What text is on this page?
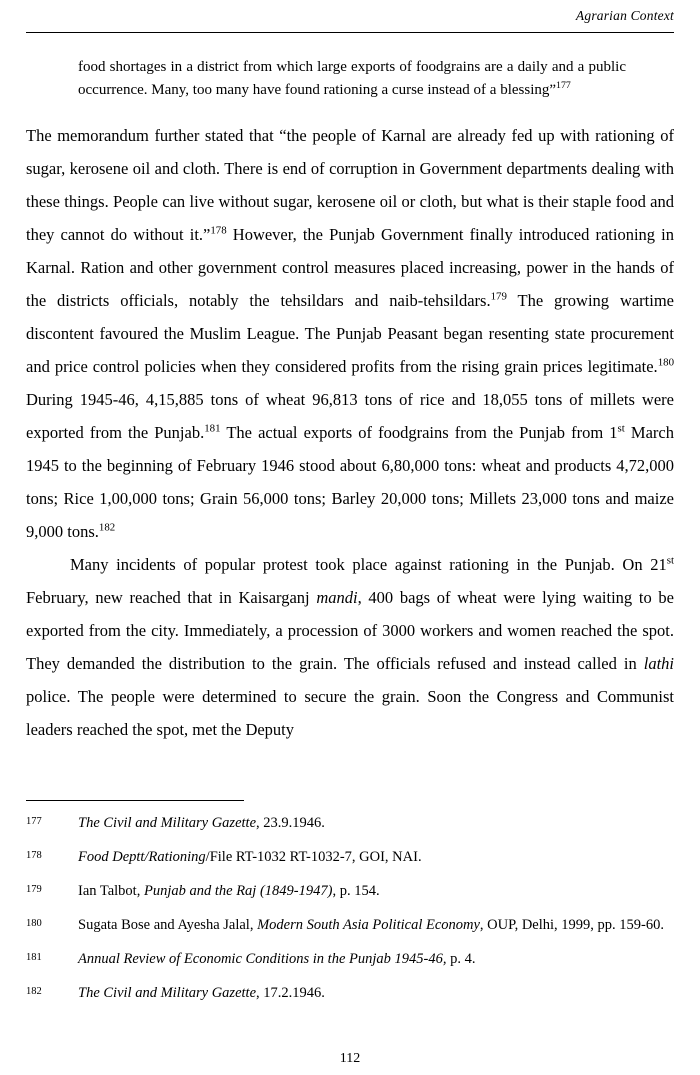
Agrarian Context
food shortages in a district from which large exports of foodgrains are a daily and a public occurrence. Many, too many have found rationing a curse instead of a blessing”$^{177}$

The memorandum further stated that “the people of Karnal are already fed up with rationing of sugar, kerosene oil and cloth. There is end of corruption in Government departments dealing with these things. People can live without sugar, kerosene oil or cloth, but what is their staple food and they cannot do without it.”$^{178}$ However, the Punjab Government finally introduced rationing in Karnal. Ration and other government control measures placed increasing, power in the hands of the districts officials, notably the tehsildars and naib-tehsildars.$^{179}$ The growing wartime discontent favoured the Muslim League. The Punjab Peasant began resenting state procurement and price control policies when they considered profits from the rising grain prices legitimate.$^{180}$ During 1945-46, 4,15,885 tons of wheat 96,813 tons of rice and 18,055 tons of millets were exported from the Punjab.$^{181}$ The actual exports of foodgrains from the Punjab from 1st March 1945 to the beginning of February 1946 stood about 6,80,000 tons: wheat and products 4,72,000 tons; Rice 1,00,000 tons; Grain 56,000 tons; Barley 20,000 tons; Millets 23,000 tons and maize 9,000 tons.$^{182}$

Many incidents of popular protest took place against rationing in the Punjab. On 21st February, new reached that in Kaisarganj mandi, 400 bags of wheat were lying waiting to be exported from the city. Immediately, a procession of 3000 workers and women reached the spot. They demanded the distribution to the grain. The officials refused and instead called in lathi police. The people were determined to secure the grain. Soon the Congress and Communist leaders reached the spot, met the Deputy

177	The Civil and Military Gazette, 23.9.1946.
178	Food Deptt/Rationing/File RT-1032 RT-1032-7, GOI, NAI.
179	Ian Talbot, Punjab and the Raj (1849-1947), p. 154.
180	Sugata Bose and Ayesha Jalal, Modern South Asia Political Economy, OUP, Delhi, 1999, pp. 159-60.
181	Annual Review of Economic Conditions in the Punjab 1945-46, p. 4.
182	The Civil and Military Gazette, 17.2.1946.
112
